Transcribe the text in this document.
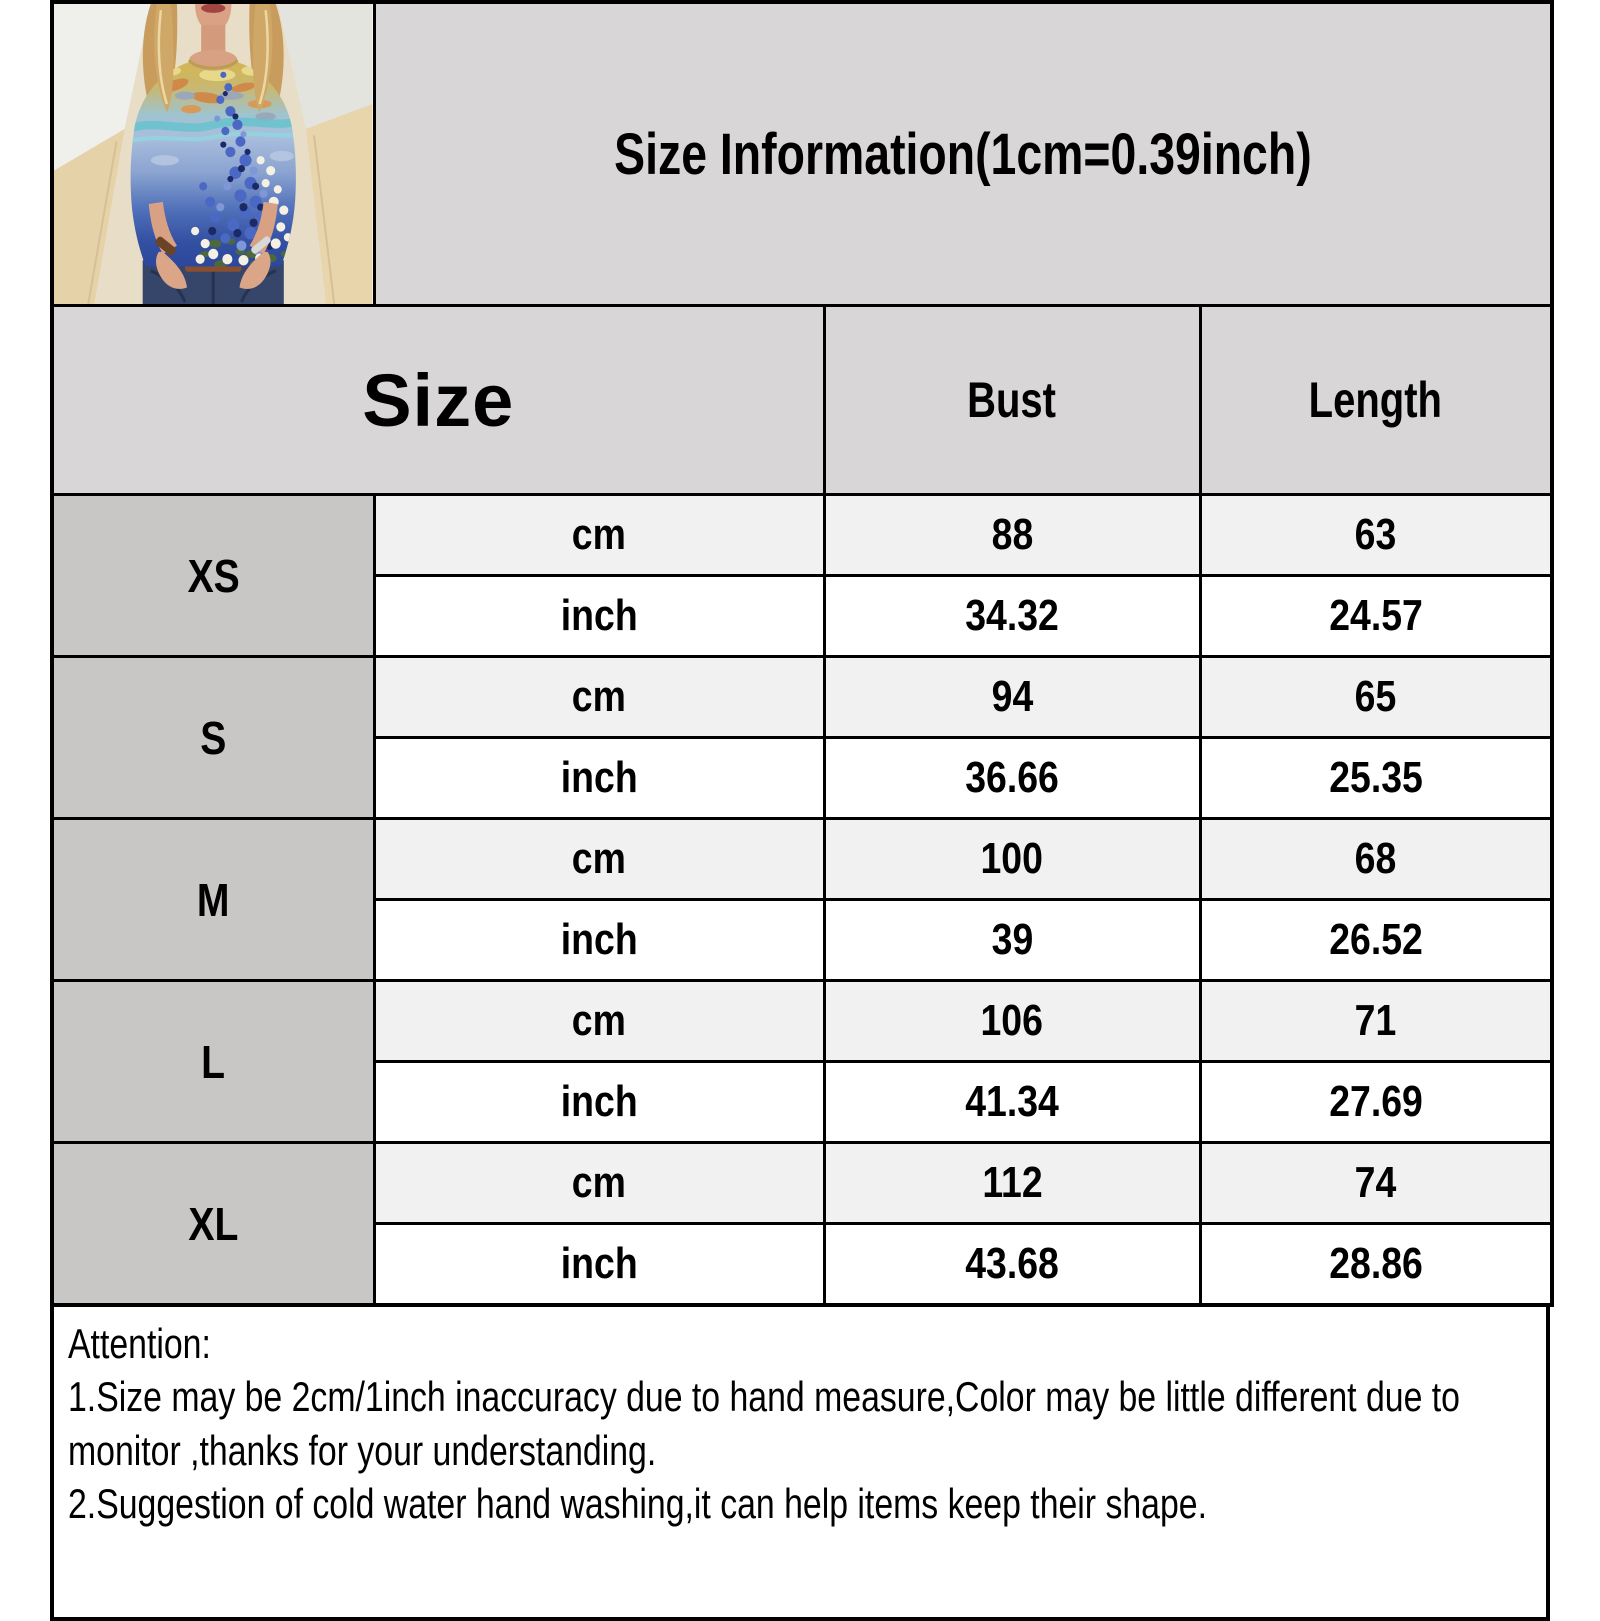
	Size Information(1cm=0.39inch)		
Size		Bust	Length
XS	cm	88	63
	inch	34.32	24.57
S	cm	94	65
	inch	36.66	25.35
M	cm	100	68
	inch	39	26.52
L	cm	106	71
	inch	41.34	27.69
XL	cm	112	74
	inch	43.68	28.86

Attention:

1.Size may be 2cm/1inch inaccuracy due to hand measure,Color may be little different due to monitor ,thanks for your understanding.

2.Suggestion of cold water hand washing,it can help items keep their shape.
